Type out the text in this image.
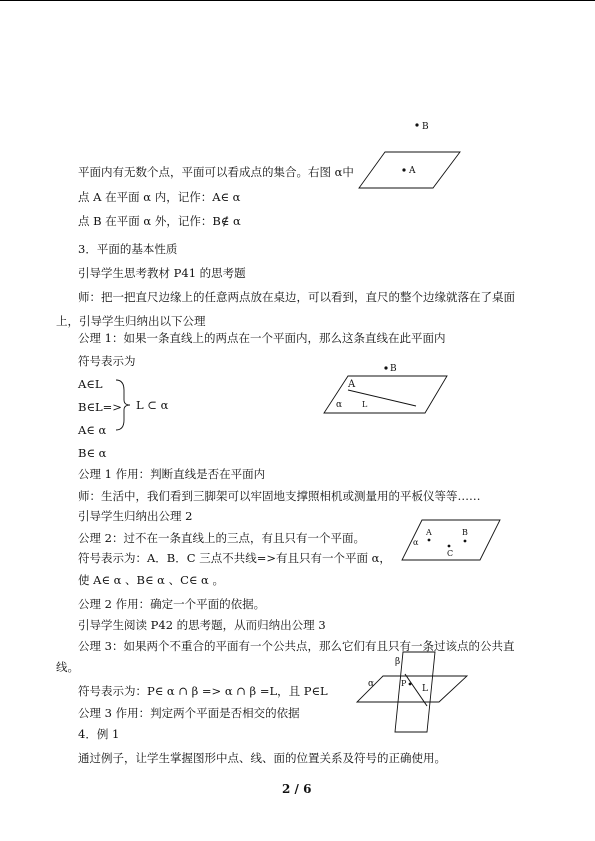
B
A
平面内有无数个点，平面可以看成点的集合。右图 α中
点 A 在平面 α 内，记作：A∈ α
点 B 在平面 α 外，记作：B∉ α
3．平面的基本性质
引导学生思考教材 P41 的思考题
师：把一把直尺边缘上的任意两点放在桌边，可以看到，直尺的整个边缘就落在了桌面
上，引导学生归纳出以下公理
公理 1：如果一条直线上的两点在一个平面内，那么这条直线在此平面内
符号表示为
A∈L
B∈L=>
A∈ α
B∈ α
L ⊂ α
B
A
α L
公理 1 作用：判断直线是否在平面内
师：生活中，我们看到三脚架可以牢固地支撑照相机或测量用的平板仪等等……
引导学生归纳出公理 2
公理 2：过不在一条直线上的三点，有且只有一个平面。
符号表示为：A．B．C 三点不共线=>有且只有一个平面 α，
使 A∈ α 、B∈ α 、C∈ α 。
α
A	B
C
公理 2 作用：确定一个平面的依据。
引导学生阅读 P42 的思考题，从而归纳出公理 3
公理 3：如果两个不重合的平面有一个公共点，那么它们有且只有一条过该点的公共直
线。
符号表示为：P∈ α ∩ β => α ∩ β =L，且 P∈L
β
α	P
L
公理 3 作用：判定两个平面是否相交的依据
4．例 1
通过例子，让学生掌握图形中点、线、面的位置关系及符号的正确使用。
2 / 6
